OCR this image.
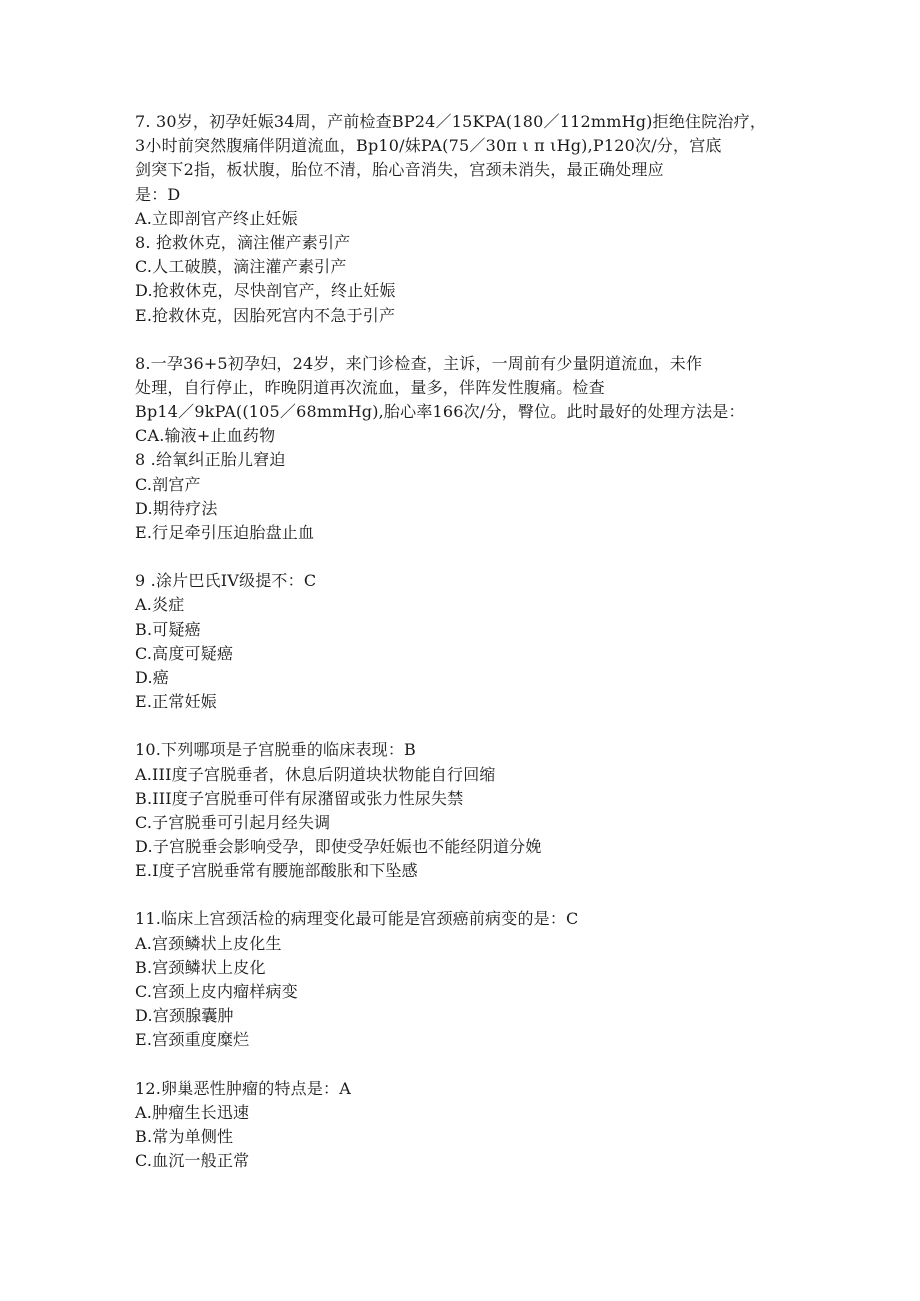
7. 30岁，初孕妊娠34周，产前检查BP24／15KPA(180／112mmHg)拒绝住院治疗，
3小时前突然腹痛伴阴道流血，Bp10/妹PA(75／30π ι π ιHg),P120次/分，宫底
剑突下2指，板状腹，胎位不清，胎心音消失，宫颈未消失，最正确处理应
是：D
A.立即剖官产终止妊娠
8. 抢救休克，滴注催产素引产
C.人工破膜，滴注灌产素引产
D.抢救休克，尽快剖官产，终止妊娠
E.抢救休克，因胎死宫内不急于引产
8.一孕36+5初孕妇，24岁，来门诊检查，主诉，一周前有少量阴道流血，未作
处理，自行停止，昨晚阴道再次流血，量多，伴阵发性腹痛。检查
Bp14／9kPA((105／68mmHg),胎心率166次/分，臀位。此时最好的处理方法是：
CA.输液+止血药物
8 .给氧纠正胎儿窘迫
C.剖宫产
D.期待疗法
E.行足牵引压迫胎盘止血
9 .涂片巴氏IV级提不：C
A.炎症
B.可疑癌
C.高度可疑癌
D.癌
E.正常妊娠
10.下列哪项是子宫脱垂的临床表现：B
A.III度子宫脱垂者，休息后阴道块状物能自行回缩
B.III度子宫脱垂可伴有尿潴留或张力性尿失禁
C.子宫脱垂可引起月经失调
D.子宫脱垂会影响受孕，即使受孕妊娠也不能经阴道分娩
E.I度子宫脱垂常有腰施部酸胀和下坠感
11.临床上宫颈活检的病理变化最可能是宫颈癌前病变的是：C
A.宫颈鳞状上皮化生
B.宫颈鳞状上皮化
C.宫颈上皮内瘤样病变
D.宫颈腺囊肿
E.宫颈重度糜烂
12.卵巢恶性肿瘤的特点是：A
A.肿瘤生长迅速
B.常为单侧性
C.血沉一般正常
